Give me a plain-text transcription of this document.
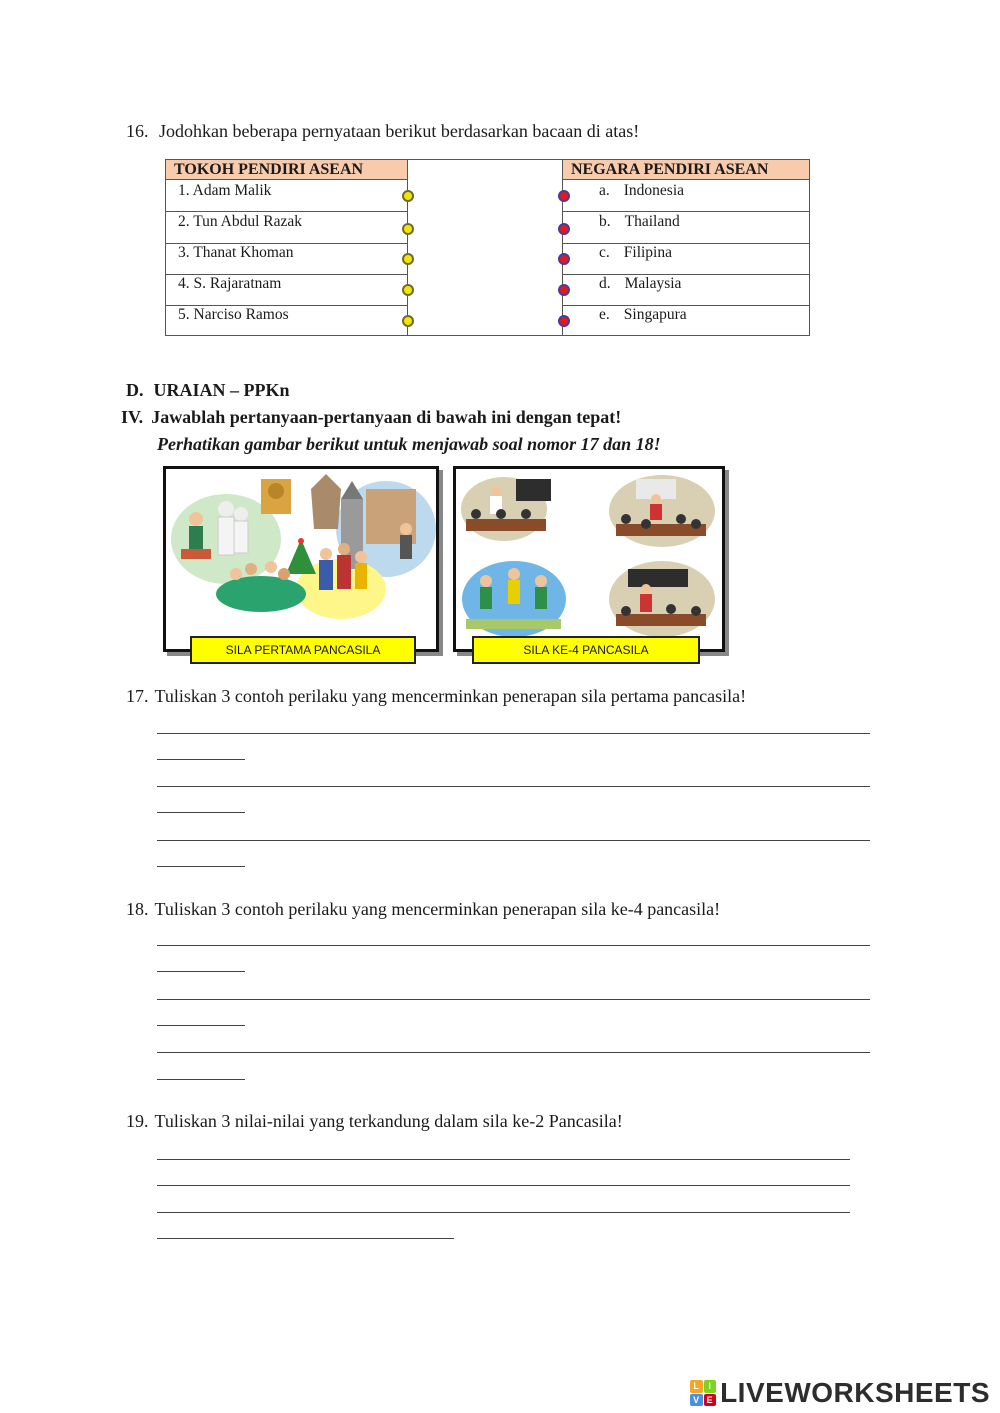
16. Jodohkan beberapa pernyataan berikut berdasarkan bacaan di atas!
TOKOH PENDIRI ASEAN	NEGARA PENDIRI ASEAN
1. Adam Malik
2. Tun Abdul Razak
3. Thanat Khoman
4. S. Rajaratnam
5. Narciso Ramos
a. Indonesia
b. Thailand
c. Filipina
d. Malaysia
e. Singapura
D. URAIAN – PPKn
IV. Jawablah pertanyaan-pertanyaan di bawah ini dengan tepat!
Perhatikan gambar berikut untuk menjawab soal nomor 17 dan 18!
SILA PERTAMA PANCASILA	SILA KE-4 PANCASILA
17. Tuliskan 3 contoh perilaku yang mencerminkan penerapan sila pertama pancasila!
18. Tuliskan 3 contoh perilaku yang mencerminkan penerapan sila ke-4 pancasila!
19. Tuliskan 3 nilai-nilai yang terkandung dalam sila ke-2 Pancasila!
L I
V E LIVEWORKSHEETS
